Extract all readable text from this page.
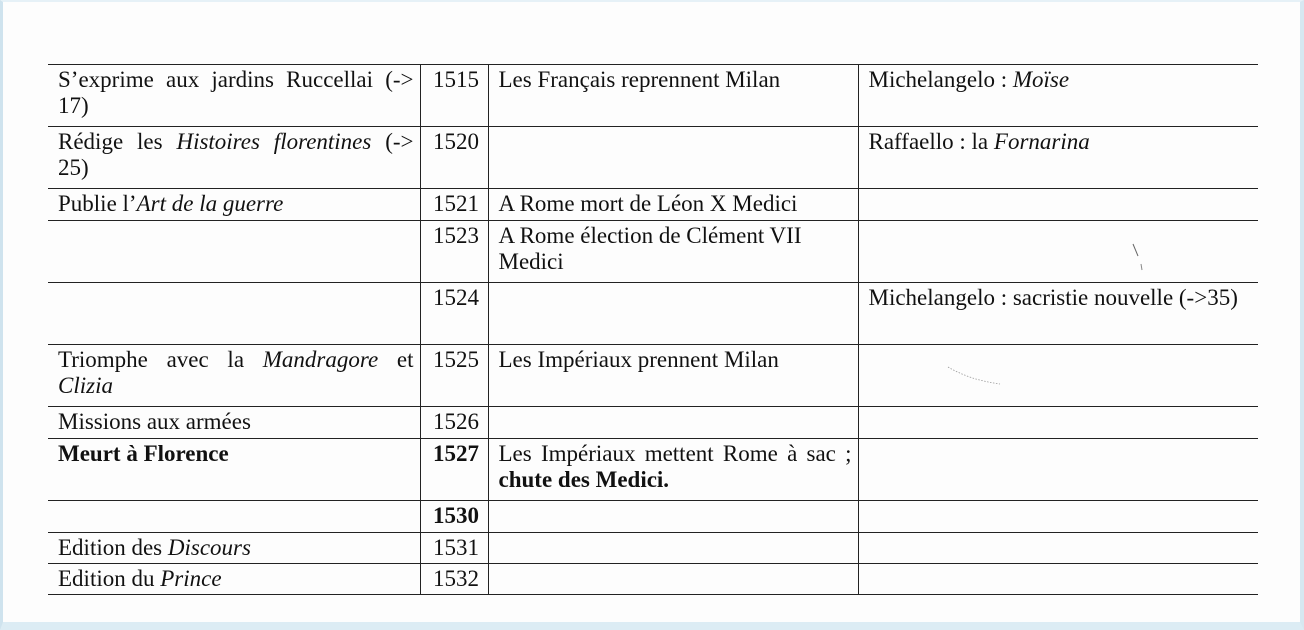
S’exprime aux jardins Ruccellai (-> 17)	1515	Les Français reprennent Milan	Michelangelo : Moïse
Rédige les Histoires florentines (-> 25)	1520		Raffaello : la Fornarina
Publie l’Art de la guerre	1521	A Rome mort de Léon X Medici	
	1523	A Rome élection de Clément VII Medici	
	1524		Michelangelo : sacristie nouvelle (->35)
Triomphe avec la Mandragore et Clizia	1525	Les Impériaux prennent Milan	
Missions aux armées	1526		
Meurt à Florence	1527	Les Impériaux mettent Rome à sac ; chute des Medici.	
	1530		
Edition des Discours	1531		
Edition du Prince	1532		
